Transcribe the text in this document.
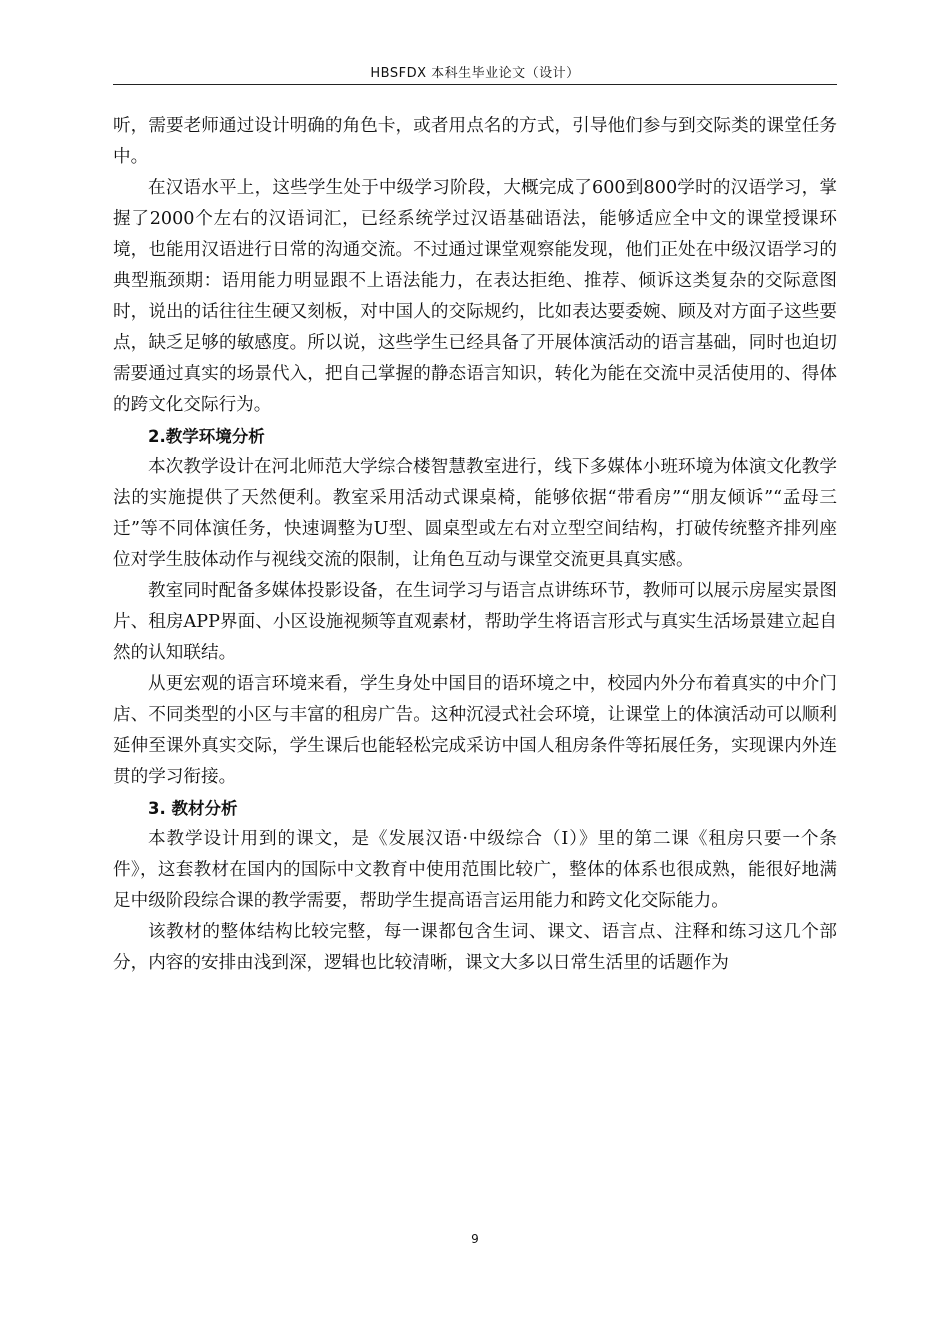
HBSFDX 本科生毕业论文（设计）

听，需要老师通过设计明确的角色卡，或者用点名的方式，引导他们参与到交际类的课堂任务中。

在汉语水平上，这些学生处于中级学习阶段，大概完成了600到800学时的汉语学习，掌握了2000个左右的汉语词汇，已经系统学过汉语基础语法，能够适应全中文的课堂授课环境，也能用汉语进行日常的沟通交流。不过通过课堂观察能发现，他们正处在中级汉语学习的典型瓶颈期：语用能力明显跟不上语法能力，在表达拒绝、推荐、倾诉这类复杂的交际意图时，说出的话往往生硬又刻板，对中国人的交际规约，比如表达要委婉、顾及对方面子这些要点，缺乏足够的敏感度。所以说，这些学生已经具备了开展体演活动的语言基础，同时也迫切需要通过真实的场景代入，把自己掌握的静态语言知识，转化为能在交流中灵活使用的、得体的跨文化交际行为。

2.教学环境分析

本次教学设计在河北师范大学综合楼智慧教室进行，线下多媒体小班环境为体演文化教学法的实施提供了天然便利。教室采用活动式课桌椅，能够依据“带看房”“朋友倾诉”“孟母三迁”等不同体演任务，快速调整为U型、圆桌型或左右对立型空间结构，打破传统整齐排列座位对学生肢体动作与视线交流的限制，让角色互动与课堂交流更具真实感。

教室同时配备多媒体投影设备，在生词学习与语言点讲练环节，教师可以展示房屋实景图片、租房APP界面、小区设施视频等直观素材，帮助学生将语言形式与真实生活场景建立起自然的认知联结。

从更宏观的语言环境来看，学生身处中国目的语环境之中，校园内外分布着真实的中介门店、不同类型的小区与丰富的租房广告。这种沉浸式社会环境，让课堂上的体演活动可以顺利延伸至课外真实交际，学生课后也能轻松完成采访中国人租房条件等拓展任务，实现课内外连贯的学习衔接。

3. 教材分析

本教学设计用到的课文，是《发展汉语·中级综合（Ⅰ）》里的第二课《租房只要一个条件》，这套教材在国内的国际中文教育中使用范围比较广，整体的体系也很成熟，能很好地满足中级阶段综合课的教学需要，帮助学生提高语言运用能力和跨文化交际能力。

该教材的整体结构比较完整，每一课都包含生词、课文、语言点、注释和练习这几个部分，内容的安排由浅到深，逻辑也比较清晰，课文大多以日常生活里的话题作为

9
